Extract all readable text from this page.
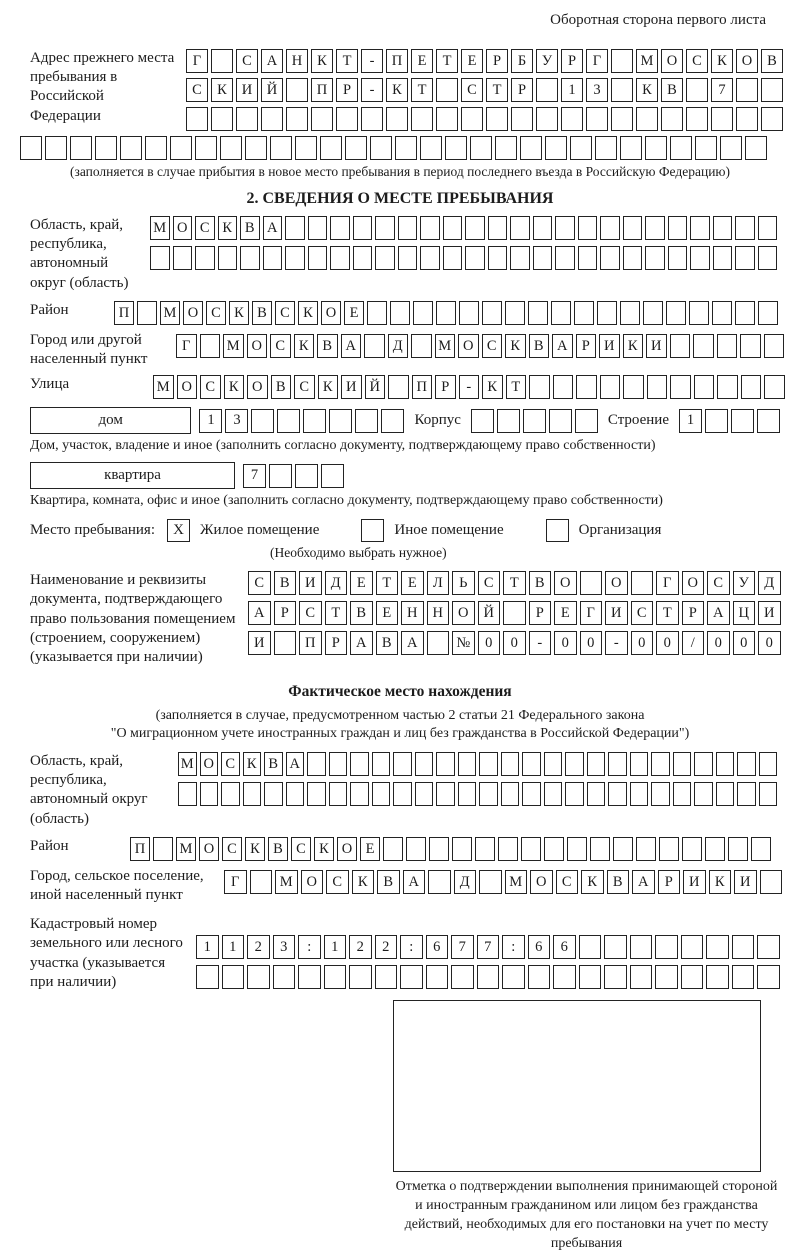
Оборотная сторона первого листа
Адрес прежнего места пребывания в Российской Федерации
Г	С	А	Н	К	Т	-	П	Е	Т	Е	Р	Б	У	Р	Г	М О	С	К	О	В
С	К	И	Й	П	Р	-	К	Т	С	Т	Р	1	3	К	В	7
(заполняется в случае прибытия в новое место пребывания в период последнего въезда в Российскую Федерацию)
2. СВЕДЕНИЯ О МЕСТЕ ПРЕБЫВАНИЯ
Область, край, республика, автономный округ (область)
М О С К В А
Район	П	М О С К В С К О Е
Город или другой населенный пункт
Г	М О С К В А	Д	М О С К В А Р И К И
Улица	М О С К О В С К И Й	П Р	-	К Т
дом	1	3	Корпус	Строение	1
Дом, участок, владение и иное (заполнить согласно документу, подтверждающему право собственности)
квартира	7
Квартира, комната, офис и иное (заполнить согласно документу, подтверждающему право собственности)
Место пребывания:	X	Жилое помещение	Иное помещение	Организация
(Необходимо выбрать нужное)
Наименование и реквизиты документа, подтверждающего право пользования помещением (строением, сооружением) (указывается при наличии)
С	В	И	Д	Е	Т	Е	Л	Ь	С	Т	В	О	О	Г	О	С	У	Д
А	Р	С	Т	В	Е	Н	Н	О	Й	Р	Е	Г	И	С	Т	Р	А	Ц	И
И	П	Р	А	В	А	№	0	0	-	0	0	-	0	0	/	0	0	0
Фактическое место нахождения
(заполняется в случае, предусмотренном частью 2 статьи 21 Федерального закона
"О миграционном учете иностранных граждан и лиц без гражданства в Российской Федерации")
Область, край, республика, автономный округ (область)
М О С К В А
Район	П	М О С К В С К О Е
Город, сельское поселение, иной населенный пункт
Г	М О	С	К	В	А	Д	М О	С	К	В	А	Р	И	К	И
Кадастровый номер земельного или лесного участка (указывается при наличии)
1	1	2	3	:	1	2	2	:	6	7	7	:	6	6
Отметка о подтверждении выполнения принимающей стороной и иностранным гражданином или лицом без гражданства действий, необходимых для его постановки на учет по месту пребывания
